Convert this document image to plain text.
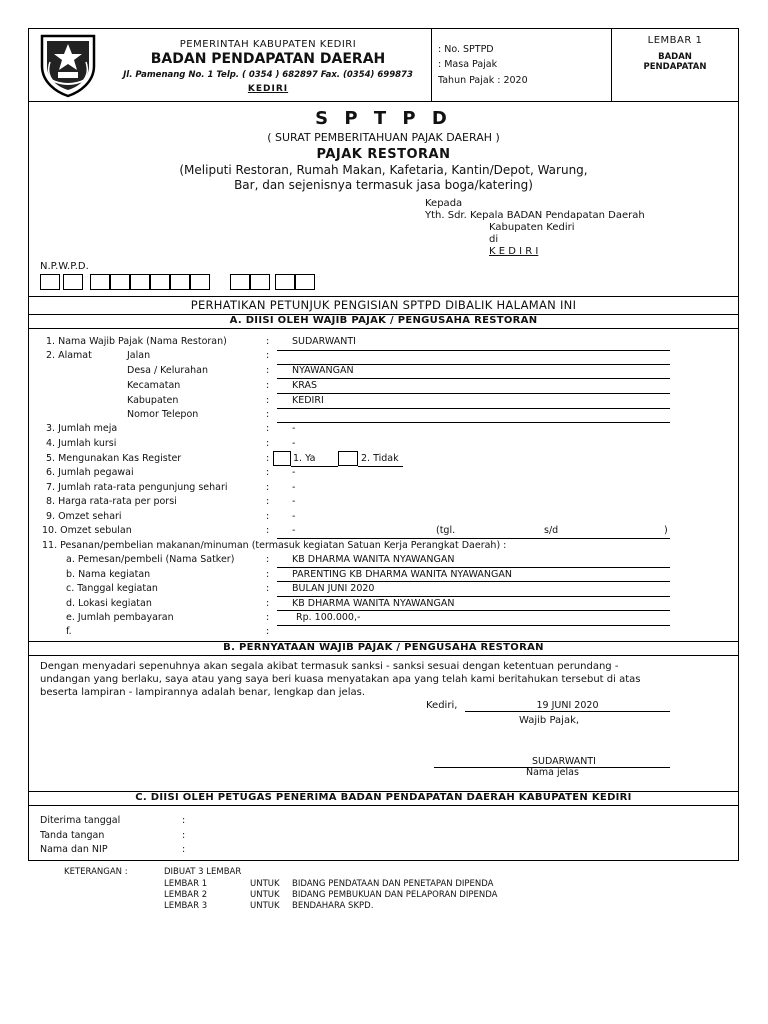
PEMERINTAH KABUPATEN KEDIRI
BADAN PENDAPATAN DAERAH
Jl. Pamenang No. 1 Telp. ( 0354 ) 682897 Fax. (0354) 699873
KEDIRI
: No. SPTPD
: Masa Pajak
Tahun Pajak : 2020
LEMBAR 1
BADAN
PENDAPATAN
S P T P D
( SURAT PEMBERITAHUAN PAJAK DAERAH )
PAJAK RESTORAN
(Meliputi Restoran, Rumah Makan, Kafetaria, Kantin/Depot, Warung,
Bar, dan sejenisnya termasuk jasa boga/katering)
Kepada
Yth. Sdr. Kepala BADAN Pendapatan Daerah
Kabupaten Kediri
di
K E D I R I
N.P.W.P.D.
PERHATIKAN PETUNJUK PENGISIAN SPTPD DIBALIK HALAMAN INI
A. DIISI OLEH WAJIB PAJAK / PENGUSAHA RESTORAN
1. Nama Wajib Pajak (Nama Restoran)	: SUDARWANTI
2. Alamat	Jalan	:
Desa / Kelurahan	: NYAWANGAN
Kecamatan	: KRAS
Kabupaten	: KEDIRI
Nomor Telepon	:
3. Jumlah meja	: -
4. Jumlah kursi	: -
5. Mengunakan Kas Register	:	1. Ya	2. Tidak
6. Jumlah pegawai	: -
7. Jumlah rata-rata pengunjung sehari	: -
8. Harga rata-rata per porsi	: -
9. Omzet sehari	: -
10. Omzet sebulan	: -	(tgl.	s/d	)
11. Pesanan/pembelian makanan/minuman (termasuk kegiatan Satuan Kerja Perangkat Daerah) :
a. Pemesan/pembeli (Nama Satker)	: KB DHARMA WANITA NYAWANGAN
b. Nama kegiatan	: PARENTING KB DHARMA WANITA NYAWANGAN
c. Tanggal kegiatan	: BULAN JUNI 2020
d. Lokasi kegiatan	: KB DHARMA WANITA NYAWANGAN
e. Jumlah pembayaran	:	Rp. 100.000,-
f.	:
B. PERNYATAAN WAJIB PAJAK / PENGUSAHA RESTORAN
Dengan menyadari sepenuhnya akan segala akibat termasuk sanksi - sanksi sesuai dengan ketentuan perundang -
undangan yang berlaku, saya atau yang saya beri kuasa menyatakan apa yang telah kami beritahukan tersebut di atas
beserta lampiran - lampirannya adalah benar, lengkap dan jelas.
Kediri,	19 JUNI 2020
Wajib Pajak,
SUDARWANTI
Nama jelas
C. DIISI OLEH PETUGAS PENERIMA BADAN PENDAPATAN DAERAH KABUPATEN KEDIRI
Diterima tanggal	:
Tanda tangan	:
Nama dan NIP	:
KETERANGAN :	DIBUAT 3 LEMBAR
LEMBAR 1	UNTUK BIDANG PENDATAAN DAN PENETAPAN DIPENDA
LEMBAR 2	UNTUK BIDANG PEMBUKUAN DAN PELAPORAN DIPENDA
LEMBAR 3	UNTUK BENDAHARA SKPD.
